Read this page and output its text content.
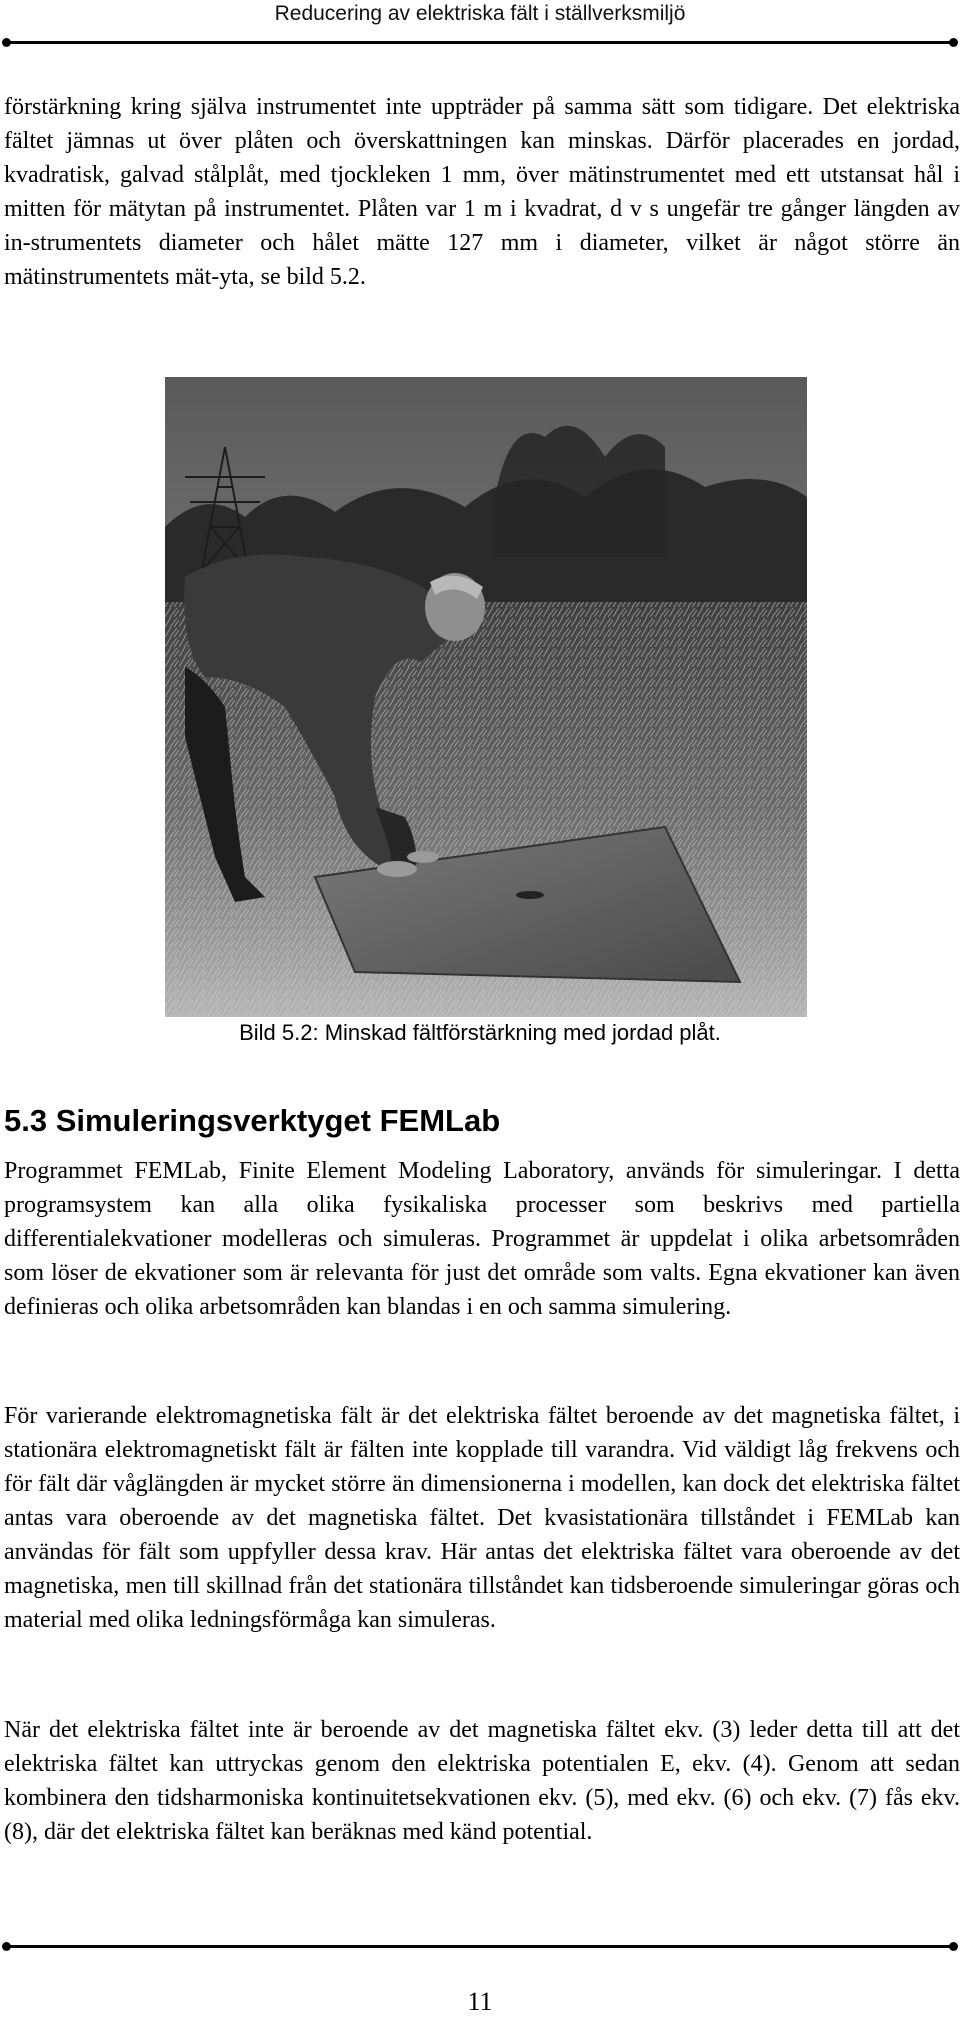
Reducering av elektriska fält i ställverksmiljö

förstärkning kring själva instrumentet inte uppträder på samma sätt som tidigare. Det elektriska fältet jämnas ut över plåten och överskattningen kan minskas. Därför placerades en jordad, kvadratisk, galvad stålplåt, med tjockleken 1 mm, över mätinstrumentet med ett utstansat hål i mitten för mätytan på instrumentet. Plåten var 1 m i kvadrat, d v s ungefär tre gånger längden av in-strumentets diameter och hålet mätte 127 mm i diameter, vilket är något större än mätinstrumentets mät-yta, se bild 5.2.

Bild 5.2: Minskad fältförstärkning med jordad plåt.
5.3 Simuleringsverktyget FEMLab

Programmet FEMLab, Finite Element Modeling Laboratory, används för simuleringar. I detta programsystem kan alla olika fysikaliska processer som beskrivs med partiella differentialekvationer modelleras och simuleras. Programmet är uppdelat i olika arbetsområden som löser de ekvationer som är relevanta för just det område som valts. Egna ekvationer kan även definieras och olika arbetsområden kan blandas i en och samma simulering.

För varierande elektromagnetiska fält är det elektriska fältet beroende av det magnetiska fältet, i stationära elektromagnetiskt fält är fälten inte kopplade till varandra. Vid väldigt låg frekvens och för fält där våglängden är mycket större än dimensionerna i modellen, kan dock det elektriska fältet antas vara oberoende av det magnetiska fältet. Det kvasistationära tillståndet i FEMLab kan användas för fält som uppfyller dessa krav. Här antas det elektriska fältet vara oberoende av det magnetiska, men till skillnad från det stationära tillståndet kan tidsberoende simuleringar göras och material med olika ledningsförmåga kan simuleras.

När det elektriska fältet inte är beroende av det magnetiska fältet ekv. (3) leder detta till att det elektriska fältet kan uttryckas genom den elektriska potentialen E, ekv. (4). Genom att sedan kombinera den tidsharmoniska kontinuitetsekvationen ekv. (5), med ekv. (6) och ekv. (7) fås ekv. (8), där det elektriska fältet kan beräknas med känd potential.

11
